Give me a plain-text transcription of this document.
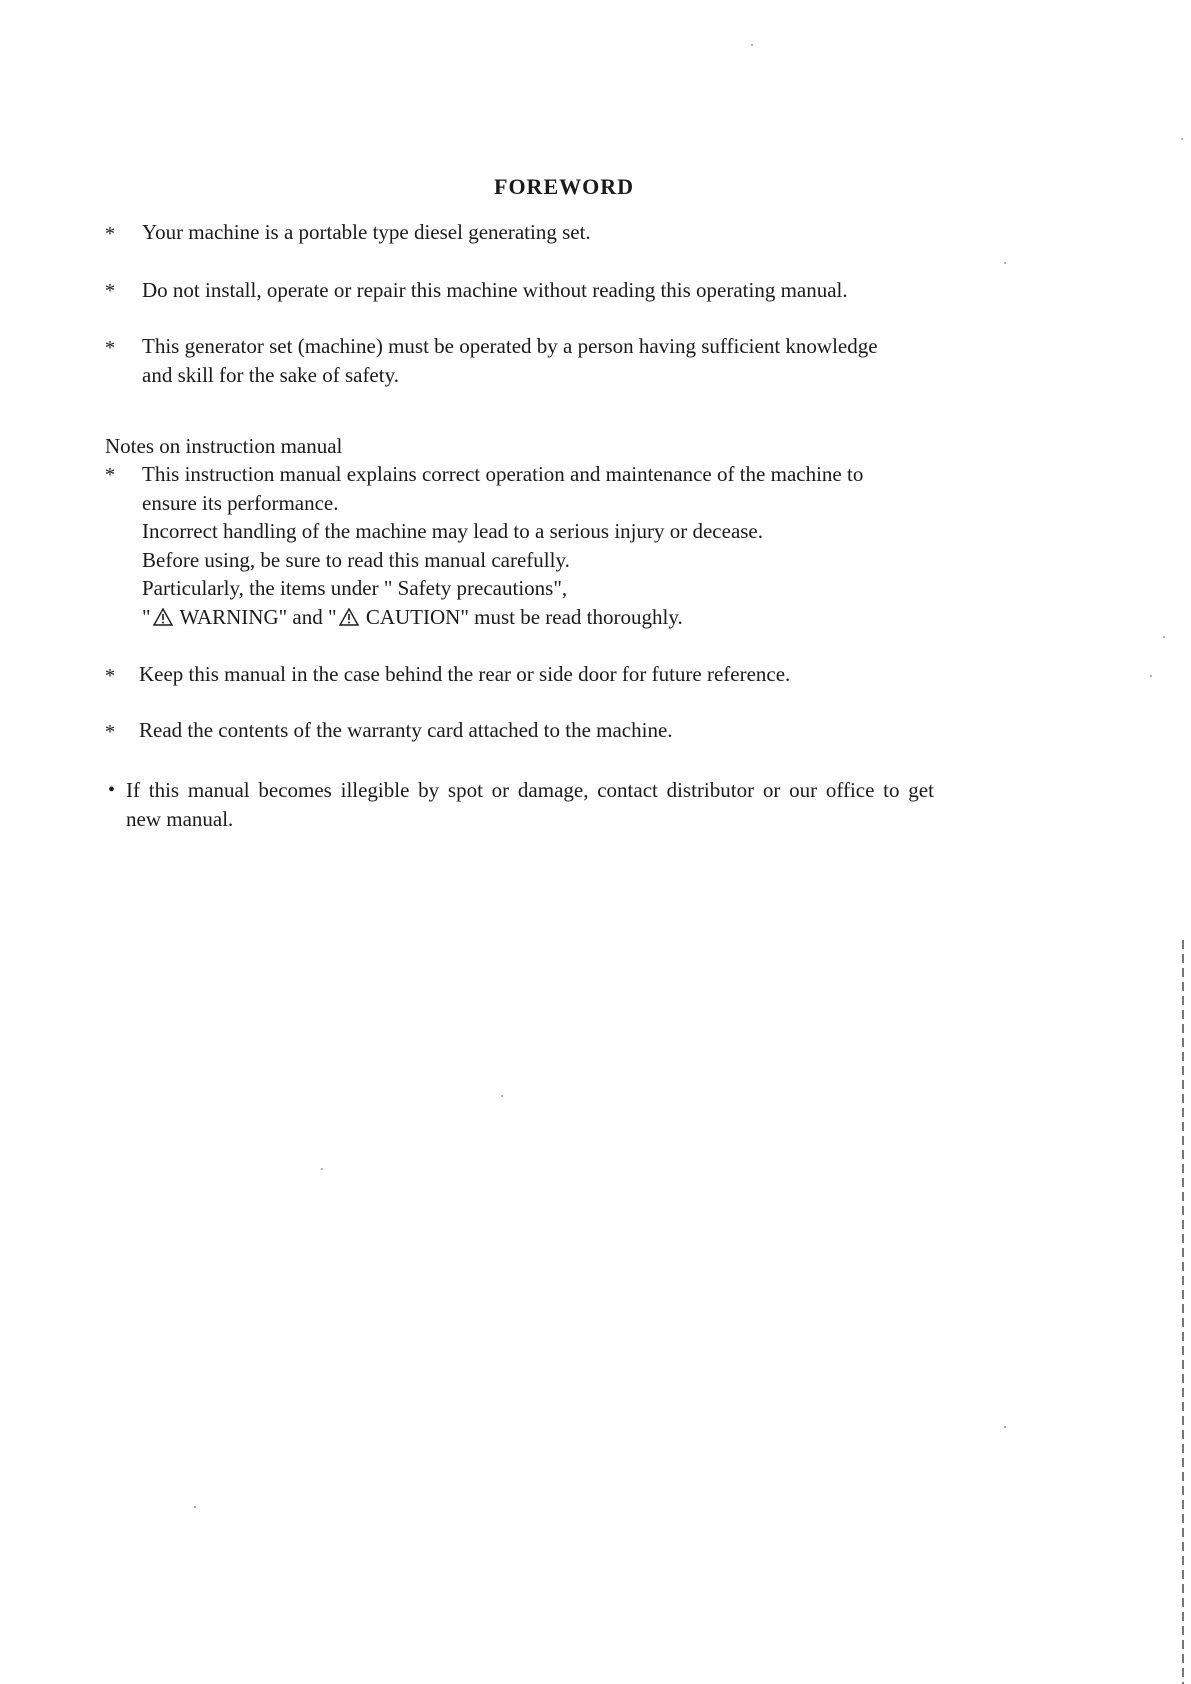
FOREWORD
* Your machine is a portable type diesel generating set.
* Do not install, operate or repair this machine without reading this operating manual.
* This generator set (machine) must be operated by a person having sufficient knowledge
and skill for the sake of safety.
Notes on instruction manual
* This instruction manual explains correct operation and maintenance of the machine to
ensure its performance.
Incorrect handling of the machine may lead to a serious injury or decease.
Before using, be sure to read this manual carefully.
Particularly, the items under " Safety precautions",
" WARNING" and " CAUTION" must be read thoroughly.
* Keep this manual in the case behind the rear or side door for future reference.
* Read the contents of the warranty card attached to the machine.
• If this manual becomes illegible by spot or damage, contact distributor or our office to get
new manual.
